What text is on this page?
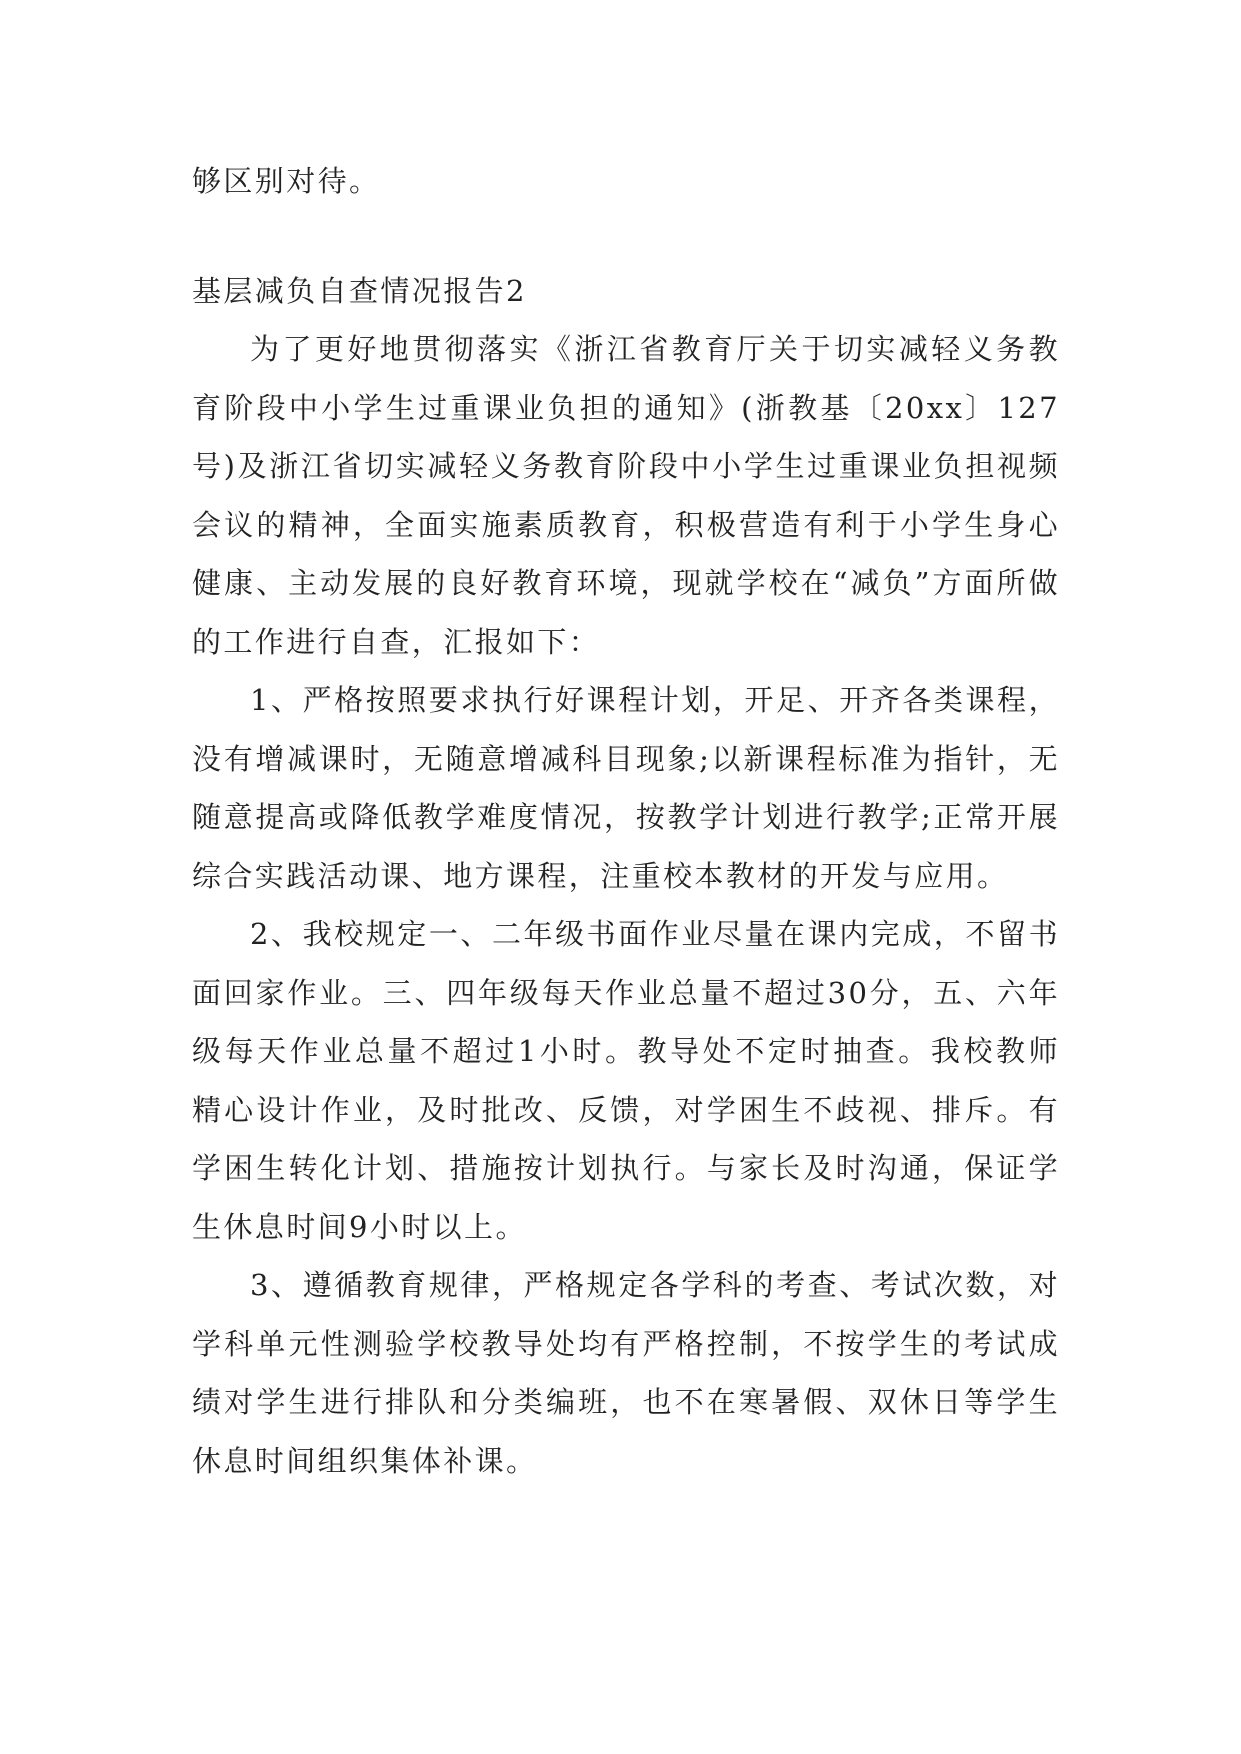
够区别对待。

基层减负自查情况报告2

为了更好地贯彻落实《浙江省教育厅关于切实减轻义务教育阶段中小学生过重课业负担的通知》(浙教基〔20xx〕127号)及浙江省切实减轻义务教育阶段中小学生过重课业负担视频会议的精神，全面实施素质教育，积极营造有利于小学生身心健康、主动发展的良好教育环境，现就学校在“减负”方面所做的工作进行自查，汇报如下：

1、严格按照要求执行好课程计划，开足、开齐各类课程，没有增减课时，无随意增减科目现象;以新课程标准为指针，无随意提高或降低教学难度情况，按教学计划进行教学;正常开展综合实践活动课、地方课程，注重校本教材的开发与应用。

2、我校规定一、二年级书面作业尽量在课内完成，不留书面回家作业。三、四年级每天作业总量不超过30分，五、六年级每天作业总量不超过1小时。教导处不定时抽查。我校教师精心设计作业，及时批改、反馈，对学困生不歧视、排斥。有学困生转化计划、措施按计划执行。与家长及时沟通，保证学生休息时间9小时以上。

3、遵循教育规律，严格规定各学科的考查、考试次数，对学科单元性测验学校教导处均有严格控制，不按学生的考试成绩对学生进行排队和分类编班，也不在寒暑假、双休日等学生休息时间组织集体补课。
